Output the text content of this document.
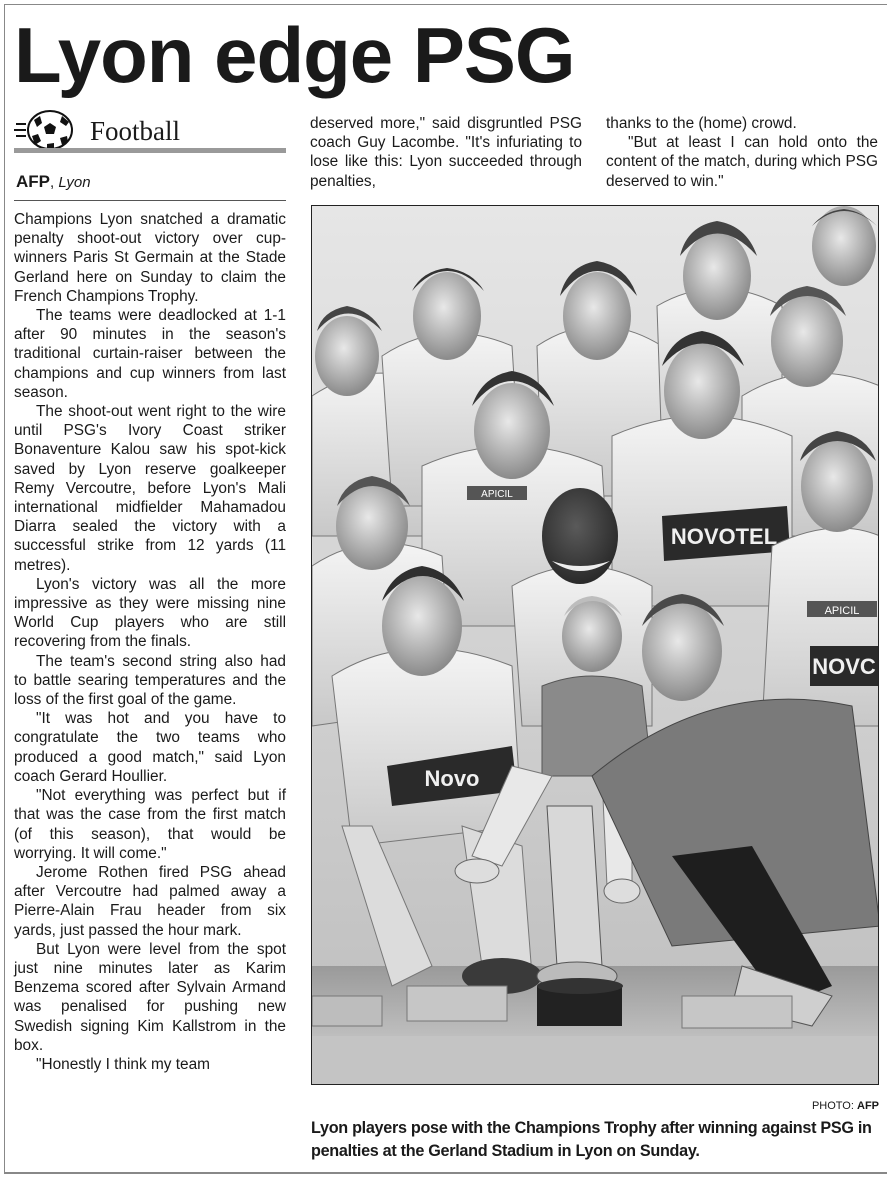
Lyon edge PSG
Football
AFP, Lyon

Champions Lyon snatched a dramatic penalty shoot-out victory over cup-winners Paris St Germain at the Stade Gerland here on Sunday to claim the French Champions Trophy.

The teams were deadlocked at 1-1 after 90 minutes in the season's traditional curtain-raiser between the champions and cup winners from last season.

The shoot-out went right to the wire until PSG's Ivory Coast striker Bonaventure Kalou saw his spot-kick saved by Lyon reserve goalkeeper Remy Vercoutre, before Lyon's Mali international midfielder Mahamadou Diarra sealed the victory with a successful strike from 12 yards (11 metres).

Lyon's victory was all the more impressive as they were missing nine World Cup players who are still recovering from the finals.

The team's second string also had to battle searing temperatures and the loss of the first goal of the game.

"It was hot and you have to congratulate the two teams who produced a good match," said Lyon coach Gerard Houllier.

"Not everything was perfect but if that was the case from the first match (of this season), that would be worrying. It will come."

Jerome Rothen fired PSG ahead after Vercoutre had palmed away a Pierre-Alain Frau header from six yards, just passed the hour mark.

But Lyon were level from the spot just nine minutes later as Karim Benzema scored after Sylvain Armand was penalised for pushing new Swedish signing Kim Kallstrom in the box.

"Honestly I think my team

deserved more," said disgruntled PSG coach Guy Lacombe. "It's infuriating to lose like this: Lyon succeeded through penalties,

thanks to the (home) crowd.

"But at least I can hold onto the content of the match, during which PSG deserved to win."

APICIL
NOVOTEL
APICIL
NOVC
Novo
PHOTO: AFP
Lyon players pose with the Champions Trophy after winning against PSG in penalties at the Gerland Stadium in Lyon on Sunday.
